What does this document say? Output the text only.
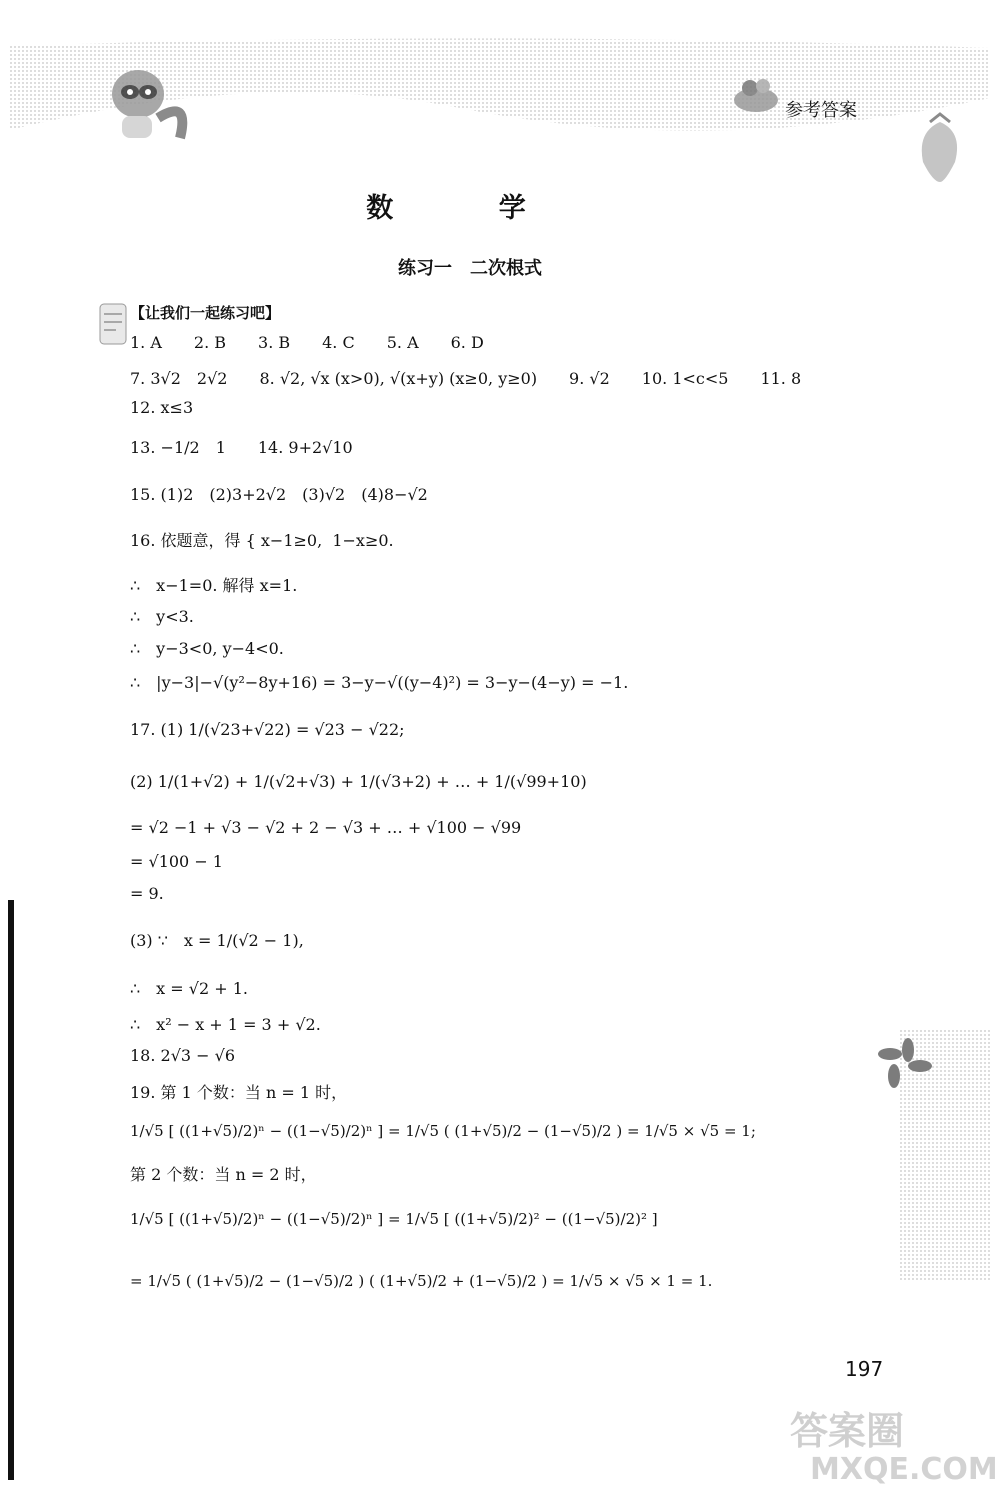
参考答案
数 学
练习一　二次根式
【让我们一起练习吧】
1. A　　2. B　　3. B　　4. C　　5. A　　6. D
7. 3√2　2√2　　8. √2, √x (x>0), √(x+y) (x≥0, y≥0)　　9. √2　　10. 1<c<5　　11. 8
12. x≤3
13. −1/2　1　　14. 9+2√10
15. (1)2　(2)3+2√2　(3)√2　(4)8−√2
16. 依题意，得 { x−1≥0,  1−x≥0.
∴　x−1=0. 解得 x=1.
∴　y<3.
∴　y−3<0, y−4<0.
∴　|y−3|−√(y²−8y+16) = 3−y−√((y−4)²) = 3−y−(4−y) = −1.
17. (1) 1/(√23+√22) = √23 − √22;
(2) 1/(1+√2) + 1/(√2+√3) + 1/(√3+2) + … + 1/(√99+10)
= √2 −1 + √3 − √2 + 2 − √3 + … + √100 − √99
= √100 − 1
= 9.
(3) ∵　x = 1/(√2 − 1),
∴　x = √2 + 1.
∴　x² − x + 1 = 3 + √2.
18. 2√3 − √6
19. 第 1 个数：当 n = 1 时，
1/√5 [ ((1+√5)/2)ⁿ − ((1−√5)/2)ⁿ ] = 1/√5 ( (1+√5)/2 − (1−√5)/2 ) = 1/√5 × √5 = 1;
第 2 个数：当 n = 2 时，
1/√5 [ ((1+√5)/2)ⁿ − ((1−√5)/2)ⁿ ] = 1/√5 [ ((1+√5)/2)² − ((1−√5)/2)² ]
= 1/√5 ( (1+√5)/2 − (1−√5)/2 ) ( (1+√5)/2 + (1−√5)/2 ) = 1/√5 × √5 × 1 = 1.
197
答案圈
MXQE.COM
